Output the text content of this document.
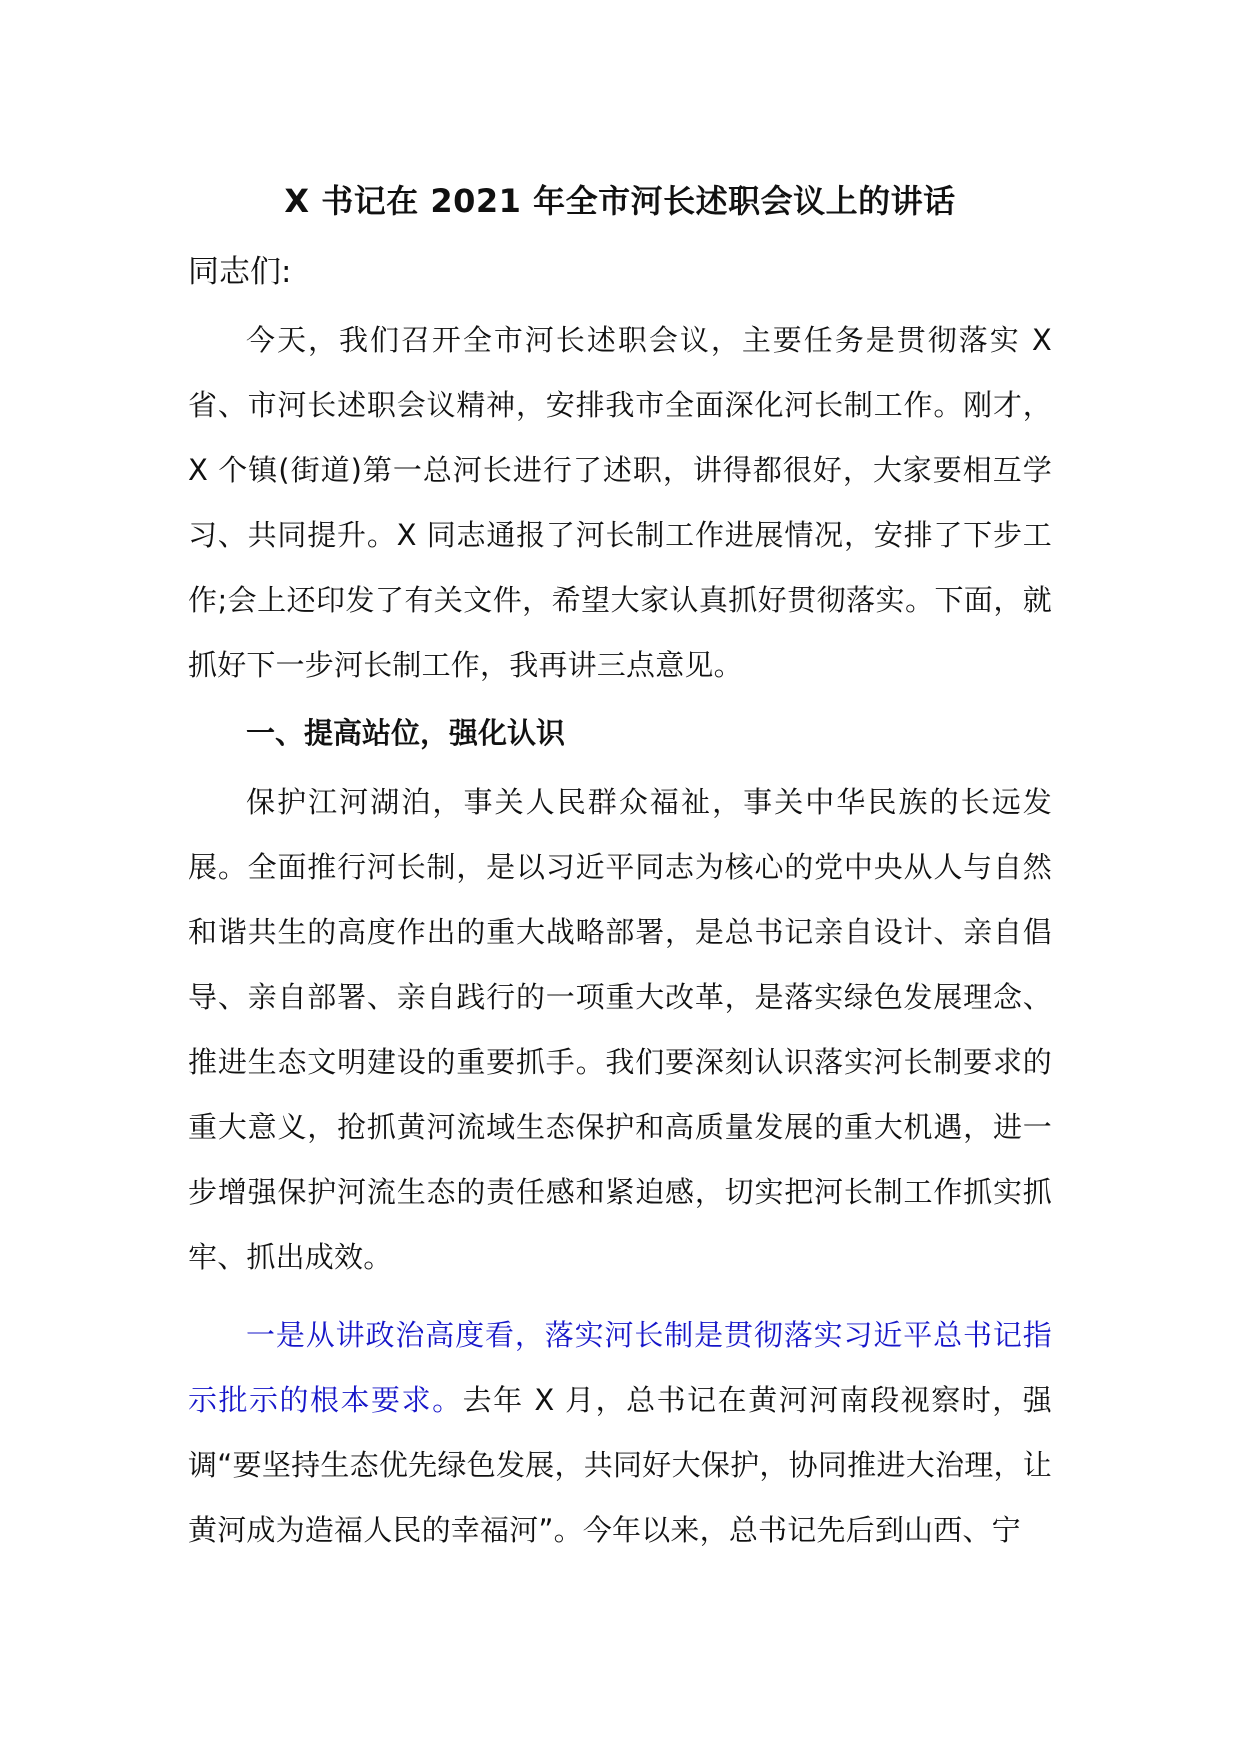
X 书记在 2021 年全市河长述职会议上的讲话

同志们:

今天，我们召开全市河长述职会议，主要任务是贯彻落实 X 省、市河长述职会议精神，安排我市全面深化河长制工作。刚才，X 个镇(街道)第一总河长进行了述职，讲得都很好，大家要相互学习、共同提升。X 同志通报了河长制工作进展情况，安排了下步工作;会上还印发了有关文件，希望大家认真抓好贯彻落实。下面，就抓好下一步河长制工作，我再讲三点意见。

一、提高站位，强化认识

保护江河湖泊，事关人民群众福祉，事关中华民族的长远发展。全面推行河长制，是以习近平同志为核心的党中央从人与自然和谐共生的高度作出的重大战略部署，是总书记亲自设计、亲自倡导、亲自部署、亲自践行的一项重大改革，是落实绿色发展理念、推进生态文明建设的重要抓手。我们要深刻认识落实河长制要求的重大意义，抢抓黄河流域生态保护和高质量发展的重大机遇，进一步增强保护河流生态的责任感和紧迫感，切实把河长制工作抓实抓牢、抓出成效。

一是从讲政治高度看，落实河长制是贯彻落实习近平总书记指示批示的根本要求。去年 X 月，总书记在黄河河南段视察时，强调“要坚持生态优先绿色发展，共同好大保护，协同推进大治理，让黄河成为造福人民的幸福河”。今年以来，总书记先后到山西、宁
